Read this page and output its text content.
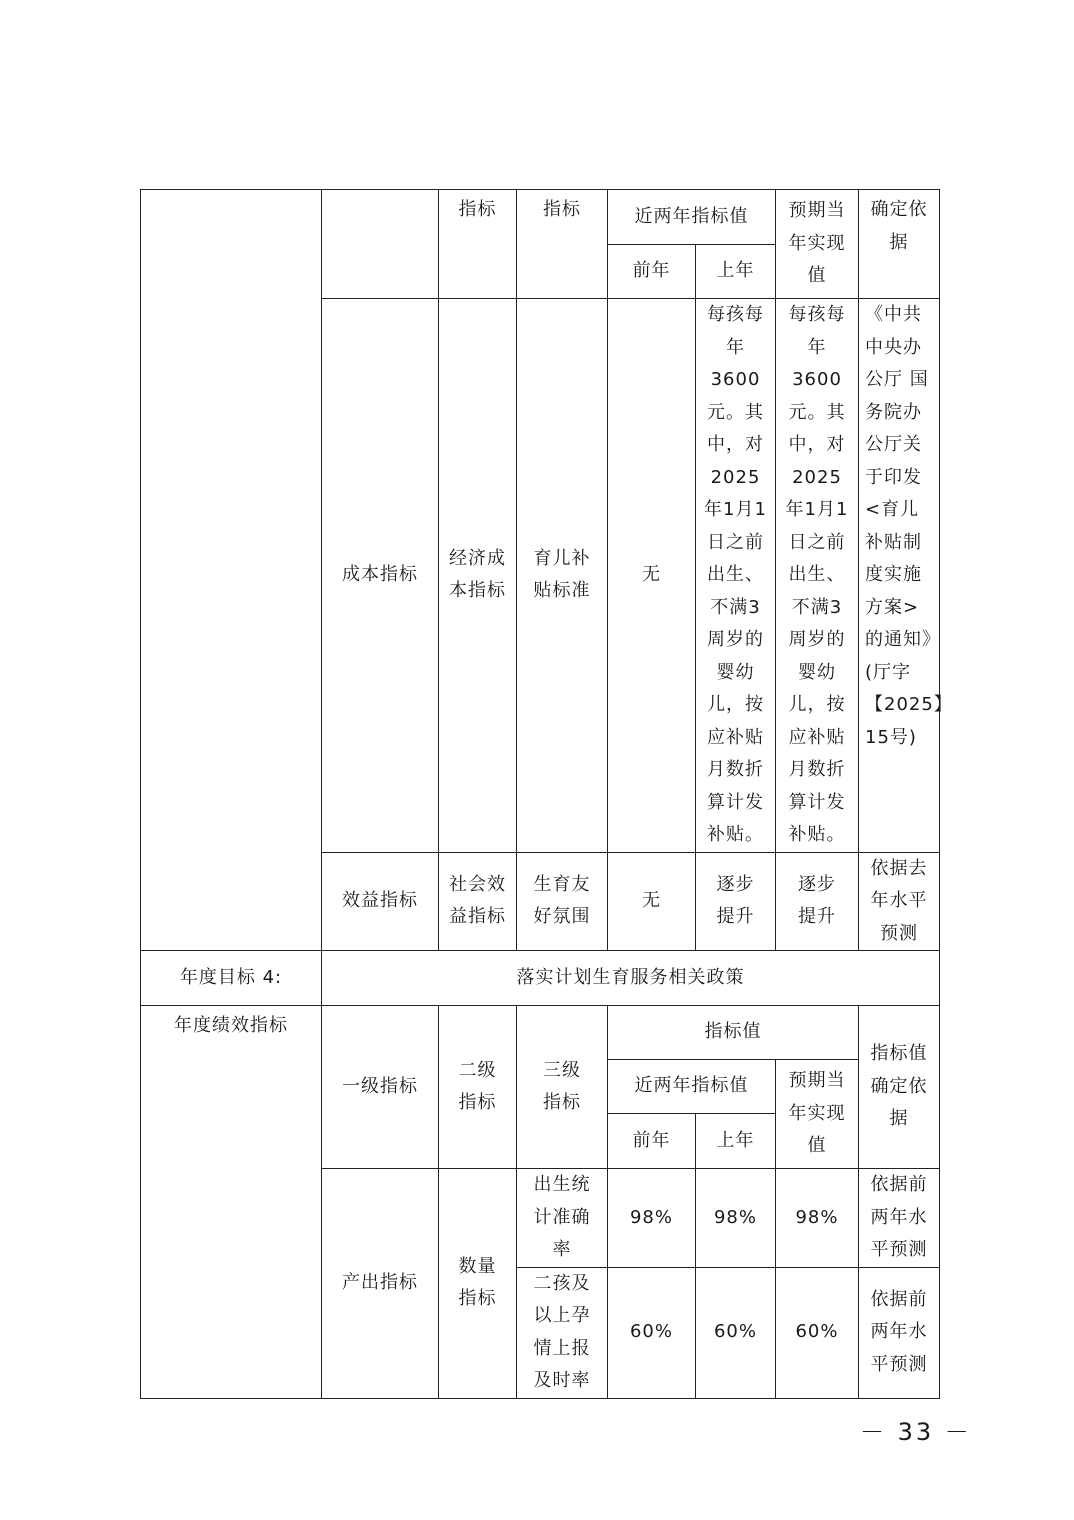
		指标	指标	近两年指标值		预期当年实现值	确定依据
				前年	上年		
	成本指标	经济成本指标	育儿补贴标准	无	每孩每年3600元。其中，对2025年1月1日之前出生、不满3周岁的婴幼儿，按应补贴月数折算计发补贴。	每孩每年3600元。其中，对2025年1月1日之前出生、不满3周岁的婴幼儿，按应补贴月数折算计发补贴。	《中共中央办公厅 国务院办公厅关于印发<育儿补贴制度实施方案>的通知》(厅字【2025】15号)
	效益指标	社会效益指标	生育友好氛围	无	逐步提升	逐步提升	依据去年水平预测
年度目标 4:	落实计划生育服务相关政策						
年度绩效指标	一级指标	二级指标	三级指标	指标值			指标值确定依据
				近两年指标值		预期当年实现值	
				前年	上年		
	产出指标	数量指标	出生统计准确率	98%	98%	98%	依据前两年水平预测
			二孩及以上孕情上报及时率	60%	60%	60%	依据前两年水平预测
－ 33 －
